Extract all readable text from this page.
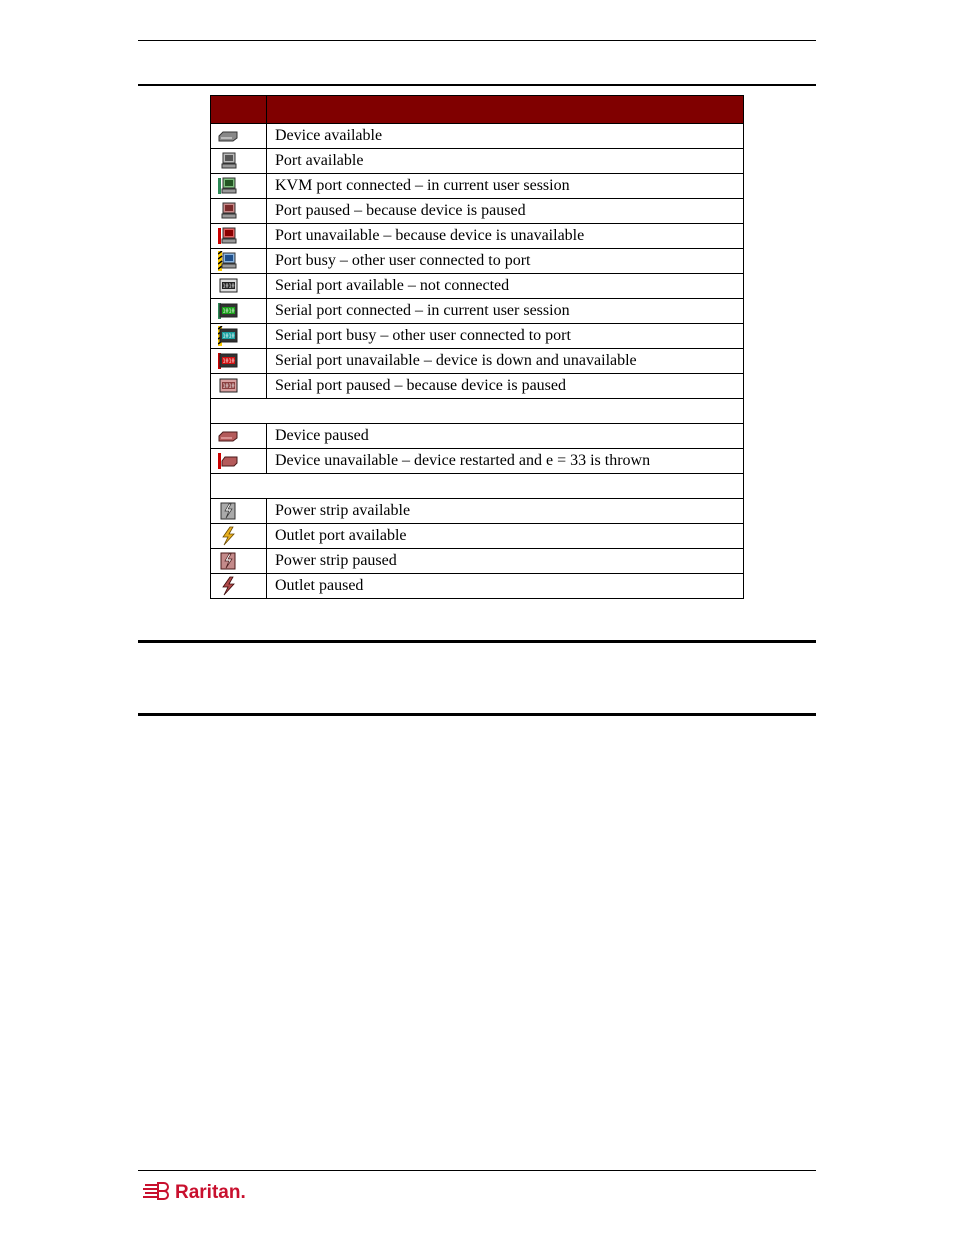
	Device available

	Port available

	KVM port connected – in current user session

	Port paused – because device is paused

	Port unavailable – because device is unavailable

	Port busy – other user connected to port

1010	Serial port available – not connected

1010	Serial port connected – in current user session

1010	Serial port busy – other user connected to port

1010	Serial port unavailable – device is down and unavailable

1010	Serial port paused – because device is paused

	Device paused

	Device unavailable – device restarted and e = 33 is thrown

	Power strip available

	Outlet port available

	Power strip paused

	Outlet paused
Raritan.
